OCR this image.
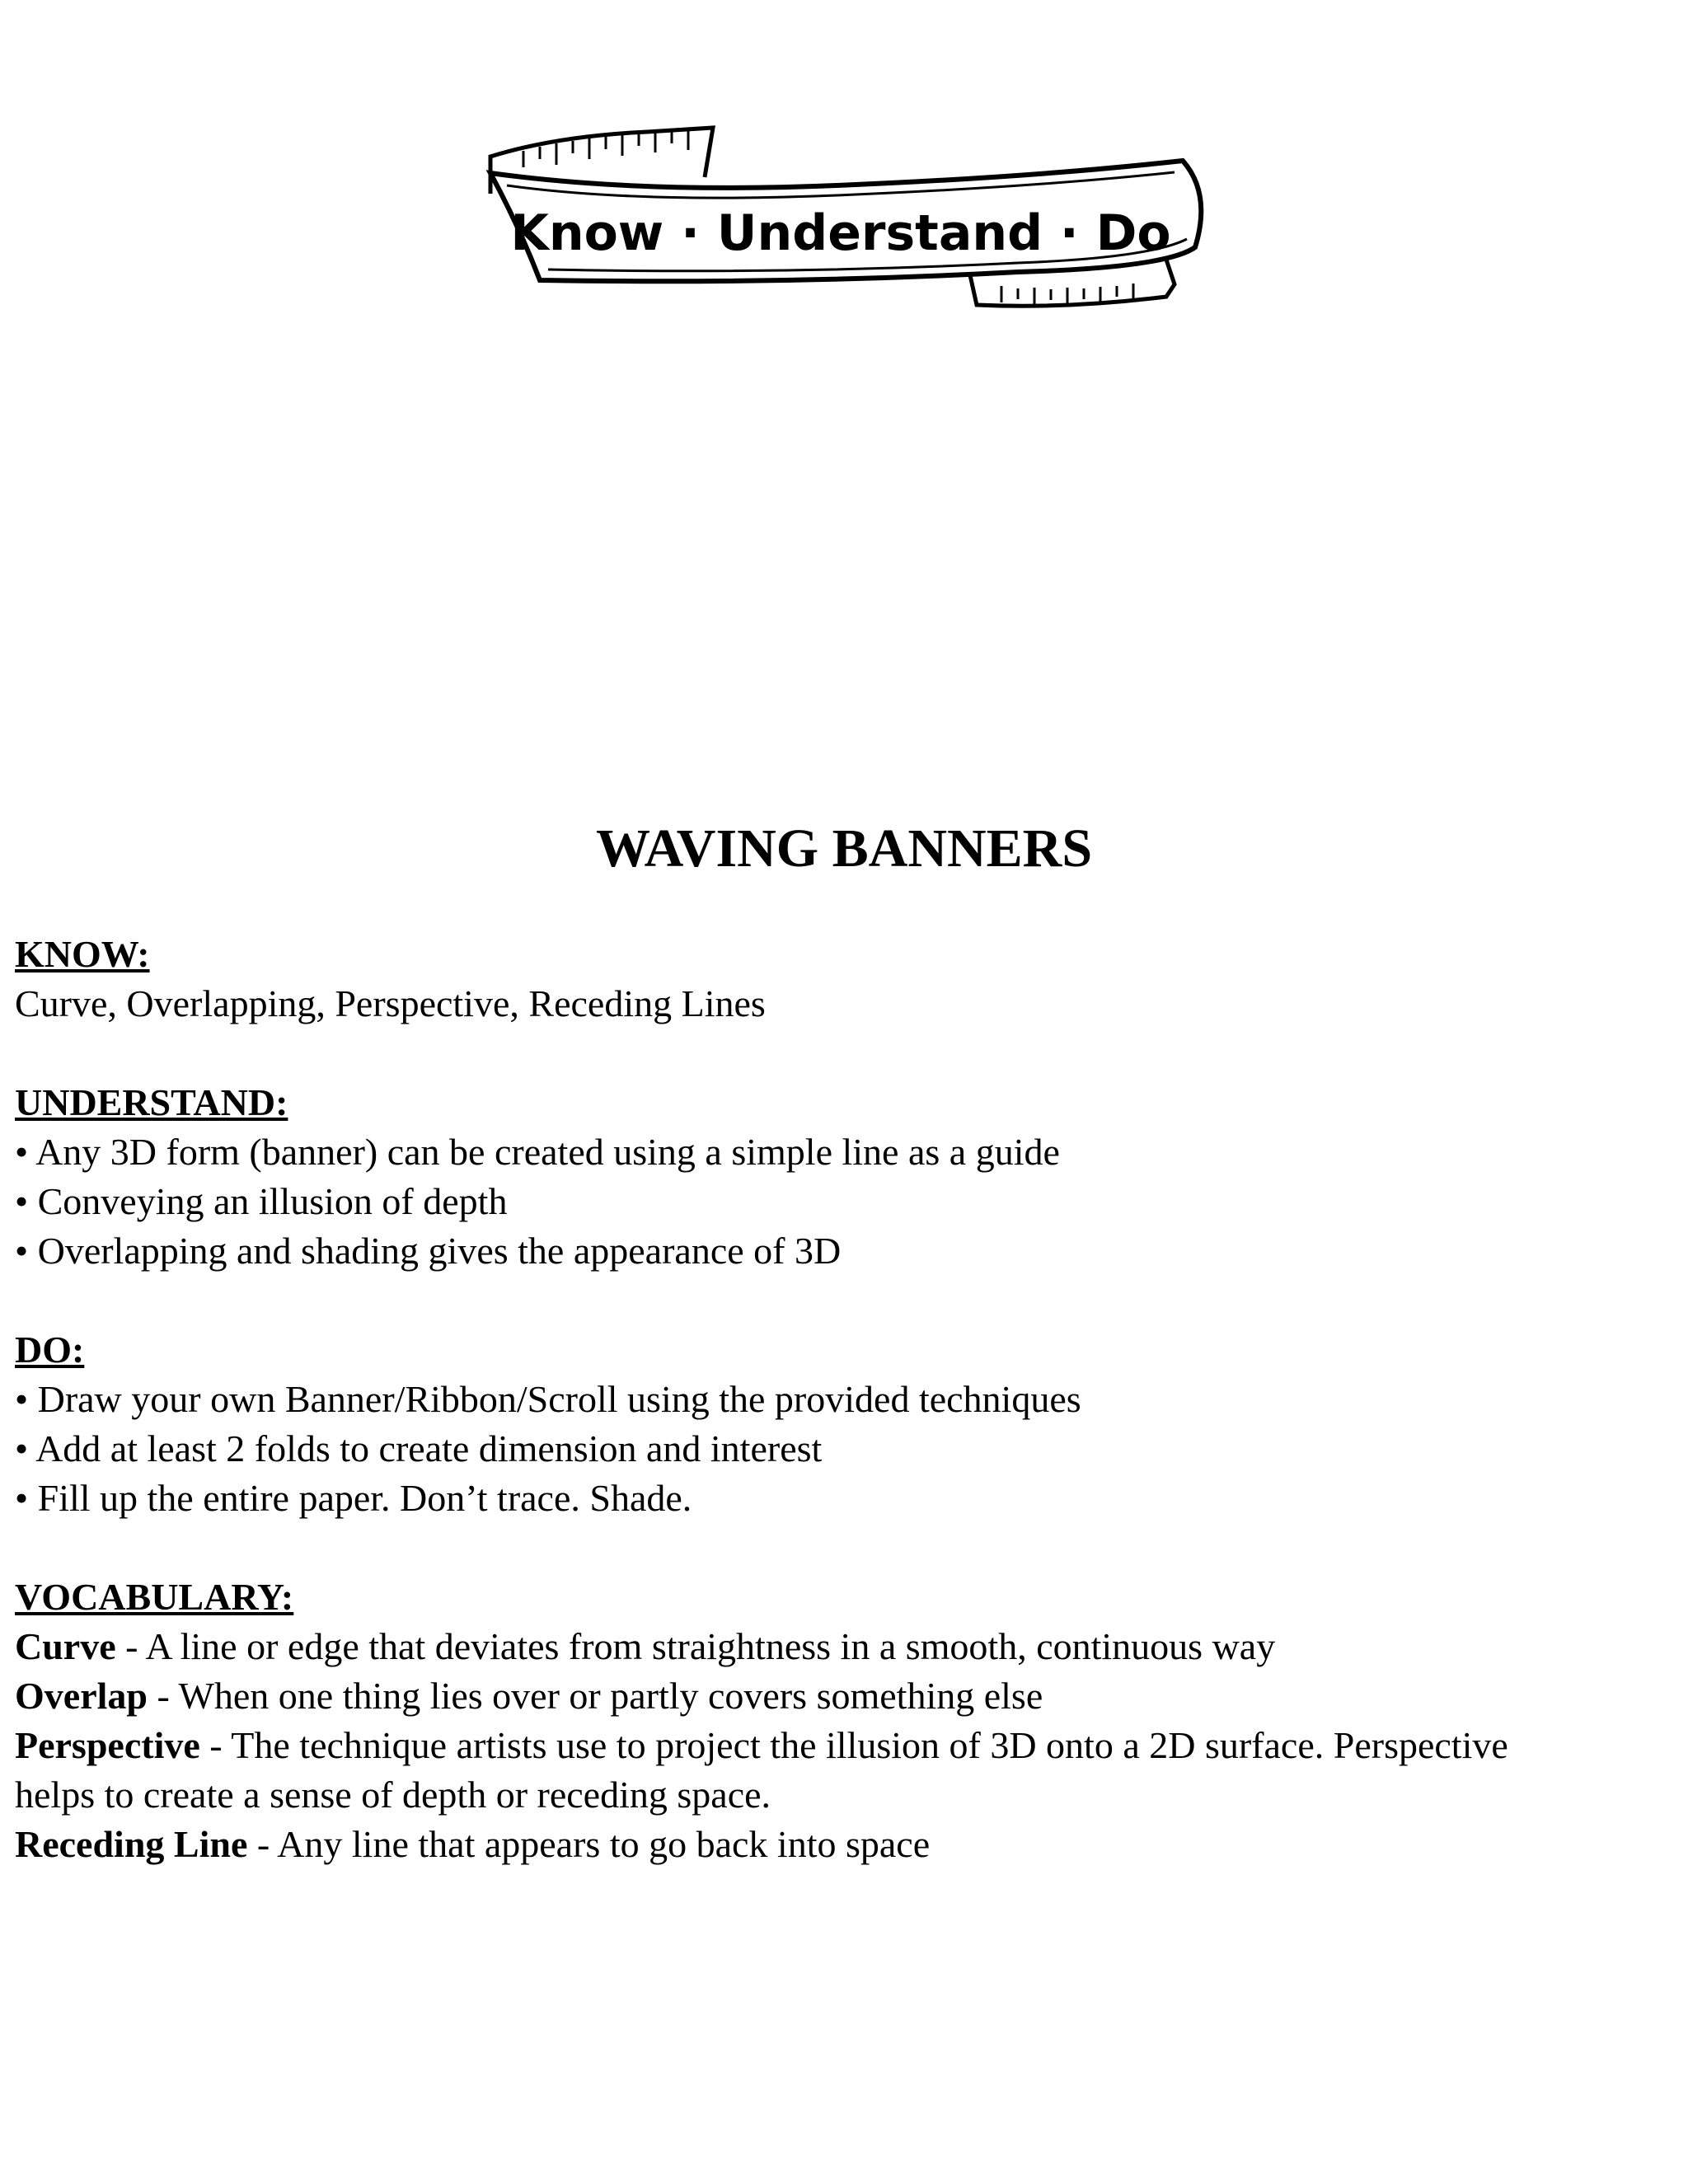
Know · Understand · Do
WAVING BANNERS
KNOW:
Curve, Overlapping, Perspective, Receding Lines
UNDERSTAND:
• Any 3D form (banner) can be created using a simple line as a guide
• Conveying an illusion of depth
• Overlapping and shading gives the appearance of 3D
DO:
• Draw your own Banner/Ribbon/Scroll using the provided techniques
• Add at least 2 folds to create dimension and interest
• Fill up the entire paper. Don’t trace. Shade.
VOCABULARY:
Curve - A line or edge that deviates from straightness in a smooth, continuous way
Overlap - When one thing lies over or partly covers something else
Perspective - The technique artists use to project the illusion of 3D onto a 2D surface. Perspective
helps to create a sense of depth or receding space.
Receding Line - Any line that appears to go back into space
